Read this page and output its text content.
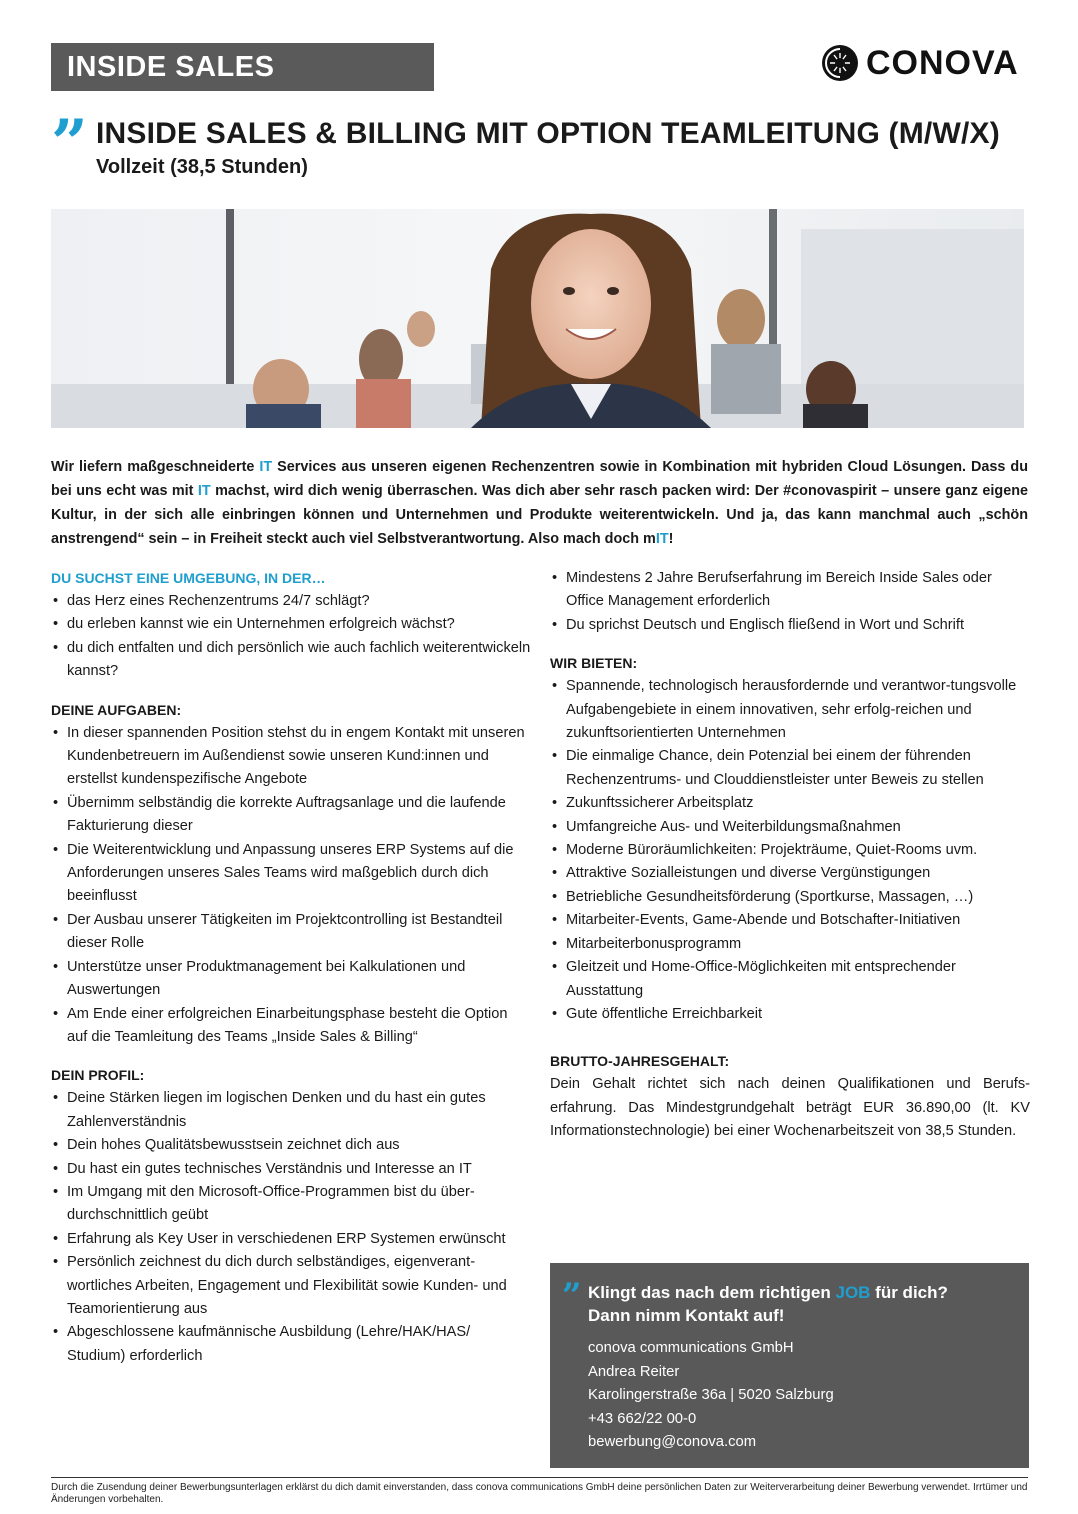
INSIDE SALES	CONOVA
” INSIDE SALES & BILLING MIT OPTION TEAMLEITUNG (M/W/X)
Vollzeit (38,5 Stunden)

Wir liefern maßgeschneiderte IT Services aus unseren eigenen Rechenzentren sowie in Kombination mit hybriden Cloud Lösungen. Dass du bei uns echt was mit IT machst, wird dich wenig überraschen. Was dich aber sehr rasch packen wird: Der #conovaspirit – unsere ganz eigene Kultur, in der sich alle einbringen können und Unternehmen und Produkte weiterentwickeln. Und ja, das kann manchmal auch „schön anstrengend“ sein – in Freiheit steckt auch viel Selbstverantwortung. Also mach doch mIT!

DU SUCHST EINE UMGEBUNG, IN DER…
• das Herz eines Rechenzentrums 24/7 schlägt?
• du erleben kannst wie ein Unternehmen erfolgreich wächst?
• du dich entfalten und dich persönlich wie auch fachlich weiterentwickeln kannst?
DEINE AUFGABEN:
• In dieser spannenden Position stehst du in engem Kontakt mit unseren Kundenbetreuern im Außendienst sowie unseren Kund:innen und erstellst kundenspezifische Angebote
• Übernimm selbständig die korrekte Auftragsanlage und die laufende Fakturierung dieser
• Die Weiterentwicklung und Anpassung unseres ERP Systems auf die Anforderungen unseres Sales Teams wird maßgeblich durch dich beeinflusst
• Der Ausbau unserer Tätigkeiten im Projektcontrolling ist Bestandteil dieser Rolle
• Unterstütze unser Produktmanagement bei Kalkulationen und Auswertungen
• Am Ende einer erfolgreichen Einarbeitungsphase besteht die Option auf die Teamleitung des Teams „Inside Sales & Billing“
DEIN PROFIL:
• Deine Stärken liegen im logischen Denken und du hast ein gutes Zahlenverständnis
• Dein hohes Qualitätsbewusstsein zeichnet dich aus
• Du hast ein gutes technisches Verständnis und Interesse an IT
• Im Umgang mit den Microsoft-Office-Programmen bist du über-durchschnittlich geübt
• Erfahrung als Key User in verschiedenen ERP Systemen erwünscht
• Persönlich zeichnest du dich durch selbständiges, eigenverant-wortliches Arbeiten, Engagement und Flexibilität sowie Kunden- und Teamorientierung aus
• Abgeschlossene kaufmännische Ausbildung (Lehre/HAK/HAS/ Studium) erforderlich
• Mindestens 2 Jahre Berufserfahrung im Bereich Inside Sales oder Office Management erforderlich
• Du sprichst Deutsch und Englisch fließend in Wort und Schrift
WIR BIETEN:
• Spannende, technologisch herausfordernde und verantwor-tungsvolle Aufgabengebiete in einem innovativen, sehr erfolg-reichen und zukunftsorientierten Unternehmen
• Die einmalige Chance, dein Potenzial bei einem der führenden Rechenzentrums- und Clouddienstleister unter Beweis zu stellen
• Zukunftssicherer Arbeitsplatz
• Umfangreiche Aus- und Weiterbildungsmaßnahmen
• Moderne Büroräumlichkeiten: Projekträume, Quiet-Rooms uvm.
• Attraktive Sozialleistungen und diverse Vergünstigungen
• Betriebliche Gesundheitsförderung (Sportkurse, Massagen, …)
• Mitarbeiter-Events, Game-Abende und Botschafter-Initiativen
• Mitarbeiterbonusprogramm
• Gleitzeit und Home-Office-Möglichkeiten mit entsprechender Ausstattung
• Gute öffentliche Erreichbarkeit
BRUTTO-JAHRESGEHALT:

Dein Gehalt richtet sich nach deinen Qualifikationen und Berufs-erfahrung. Das Mindestgrundgehalt beträgt EUR 36.890,00 (lt. KV Informationstechnologie) bei einer Wochenarbeitszeit von 38,5 Stunden.

” Klingt das nach dem richtigen JOB für dich?
Dann nimm Kontakt auf!
conova communications GmbH
Andrea Reiter
Karolingerstraße 36a | 5020 Salzburg
+43 662/22 00-0
bewerbung@conova.com

Durch die Zusendung deiner Bewerbungsunterlagen erklärst du dich damit einverstanden, dass conova communications GmbH deine persönlichen Daten zur Weiterverarbeitung deiner Bewerbung verwendet. Irrtümer und Änderungen vorbehalten.
